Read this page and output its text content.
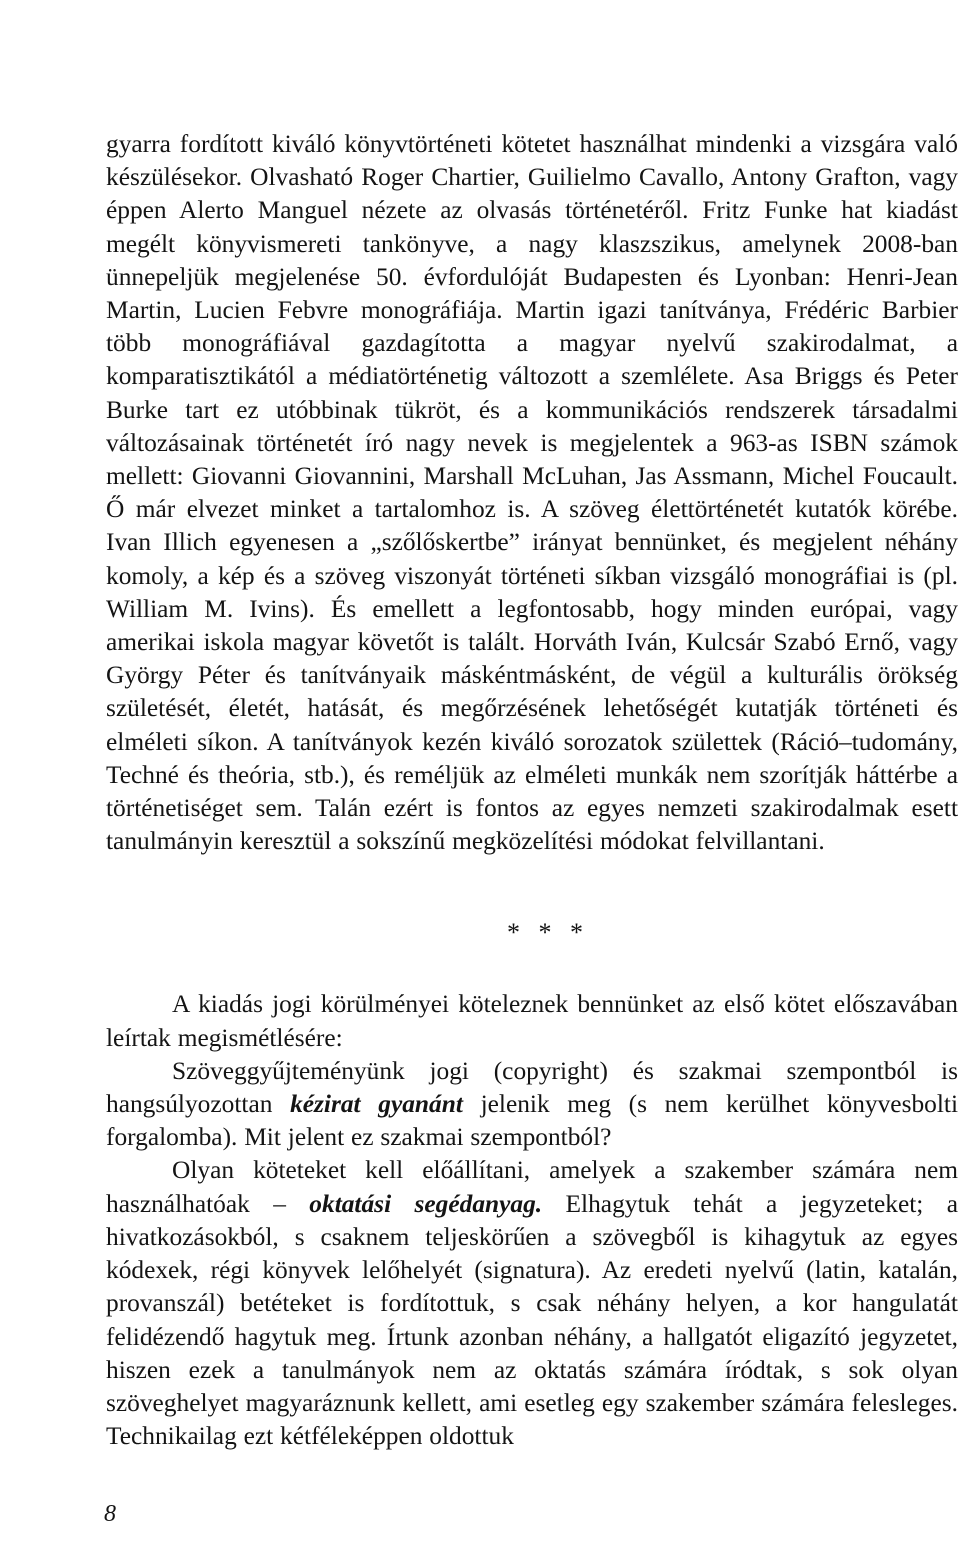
gyarra fordított kiváló könyvtörténeti kötetet használhat mindenki a vizsgára való készülésekor. Olvasható Roger Chartier, Guilielmo Cavallo, Antony Grafton, vagy éppen Alerto Manguel nézete az olvasás történetéről. Fritz Funke hat kiadást megélt könyvismereti tankönyve, a nagy klaszszikus, amelynek 2008-ban ünnepeljük megjelenése 50. évfordulóját Budapesten és Lyonban: Henri-Jean Martin, Lucien Febvre monográfiája. Martin igazi tanítványa, Frédéric Barbier több monográfiával gazdagította a magyar nyelvű szakirodalmat, a komparatisztikától a médiatörténetig változott a szemlélete. Asa Briggs és Peter Burke tart ez utóbbinak tükröt, és a kommunikációs rendszerek társadalmi változásainak történetét író nagy nevek is megjelentek a 963-as ISBN számok mellett: Giovanni Giovannini, Marshall McLuhan, Jas Assmann, Michel Foucault. Ő már elvezet minket a tartalomhoz is. A szöveg élettörténetét kutatók körébe. Ivan Illich egyenesen a „szőlőskertbe” irányat bennünket, és megjelent néhány komoly, a kép és a szöveg viszonyát történeti síkban vizsgáló monográfiai is (pl. William M. Ivins). És emellett a legfontosabb, hogy minden európai, vagy amerikai iskola magyar követőt is talált. Horváth Iván, Kulcsár Szabó Ernő, vagy György Péter és tanítványaik máskéntmásként, de végül a kulturális örökség születését, életét, hatását, és megőrzésének lehetőségét kutatják történeti és elméleti síkon. A tanítványok kezén kiváló sorozatok születtek (Ráció–tudomány, Techné és theória, stb.), és reméljük az elméleti munkák nem szorítják háttérbe a történetiséget sem. Talán ezért is fontos az egyes nemzeti szakirodalmak esett tanulmányin keresztül a sokszínű megközelítési módokat felvillantani.

* * *

A kiadás jogi körülményei köteleznek bennünket az első kötet előszavában leírtak megismétlésére:

Szöveggyűjteményünk jogi (copyright) és szakmai szempontból is hangsúlyozottan kézirat gyanánt jelenik meg (s nem kerülhet könyvesbolti forgalomba). Mit jelent ez szakmai szempontból?

Olyan köteteket kell előállítani, amelyek a szakember számára nem használhatóak – oktatási segédanyag. Elhagytuk tehát a jegyzeteket; a hivatkozásokból, s csaknem teljeskörűen a szövegből is kihagytuk az egyes kódexek, régi könyvek lelőhelyét (signatura). Az eredeti nyelvű (latin, katalán, provanszál) betéteket is fordítottuk, s csak néhány helyen, a kor hangulatát felidézendő hagytuk meg. Írtunk azonban néhány, a hallgatót eligazító jegyzetet, hiszen ezek a tanulmányok nem az oktatás számára íródtak, s sok olyan szöveghelyet magyaráznunk kellett, ami esetleg egy szakember számára felesleges. Technikailag ezt kétféleképpen oldottuk

8
